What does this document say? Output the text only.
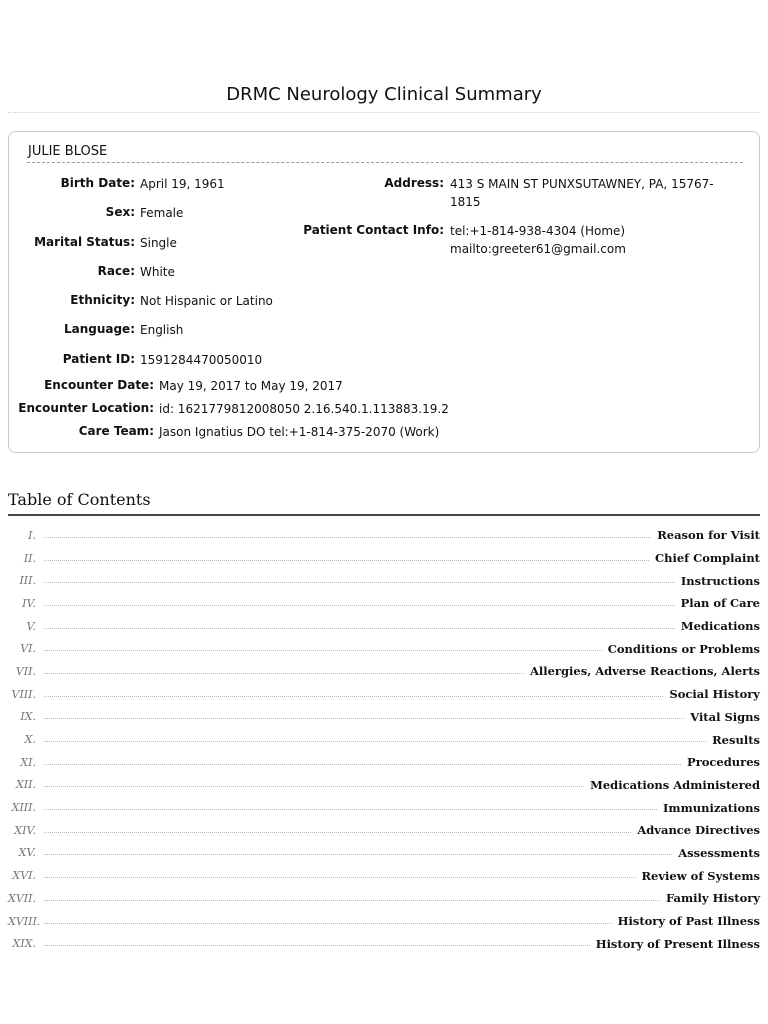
DRMC Neurology Clinical Summary
JULIE BLOSE
Birth Date: April 19, 1961
Sex: Female
Marital Status: Single
Race: White
Ethnicity: Not Hispanic or Latino
Language: English
Patient ID: 1591284470050010
Address: 413 S MAIN ST PUNXSUTAWNEY, PA, 15767-
1815
Patient Contact Info: tel:+1-814-938-4304 (Home)
mailto:greeter61@gmail.com
Encounter Date: May 19, 2017 to May 19, 2017
Encounter Location: id: 1621779812008050 2.16.540.1.113883.19.2
Care Team: Jason Ignatius DO tel:+1-814-375-2070 (Work)
Table of Contents
I.	Reason for Visit
II.	Chief Complaint
III.	Instructions
IV.	Plan of Care
V.	Medications
VI.	Conditions or Problems
VII.	Allergies, Adverse Reactions, Alerts
VIII.	Social History
IX.	Vital Signs
X.	Results
XI.	Procedures
XII.	Medications Administered
XIII.	Immunizations
XIV.	Advance Directives
XV.	Assessments
XVI.	Review of Systems
XVII.	Family History
XVIII.	History of Past Illness
XIX.	History of Present Illness
